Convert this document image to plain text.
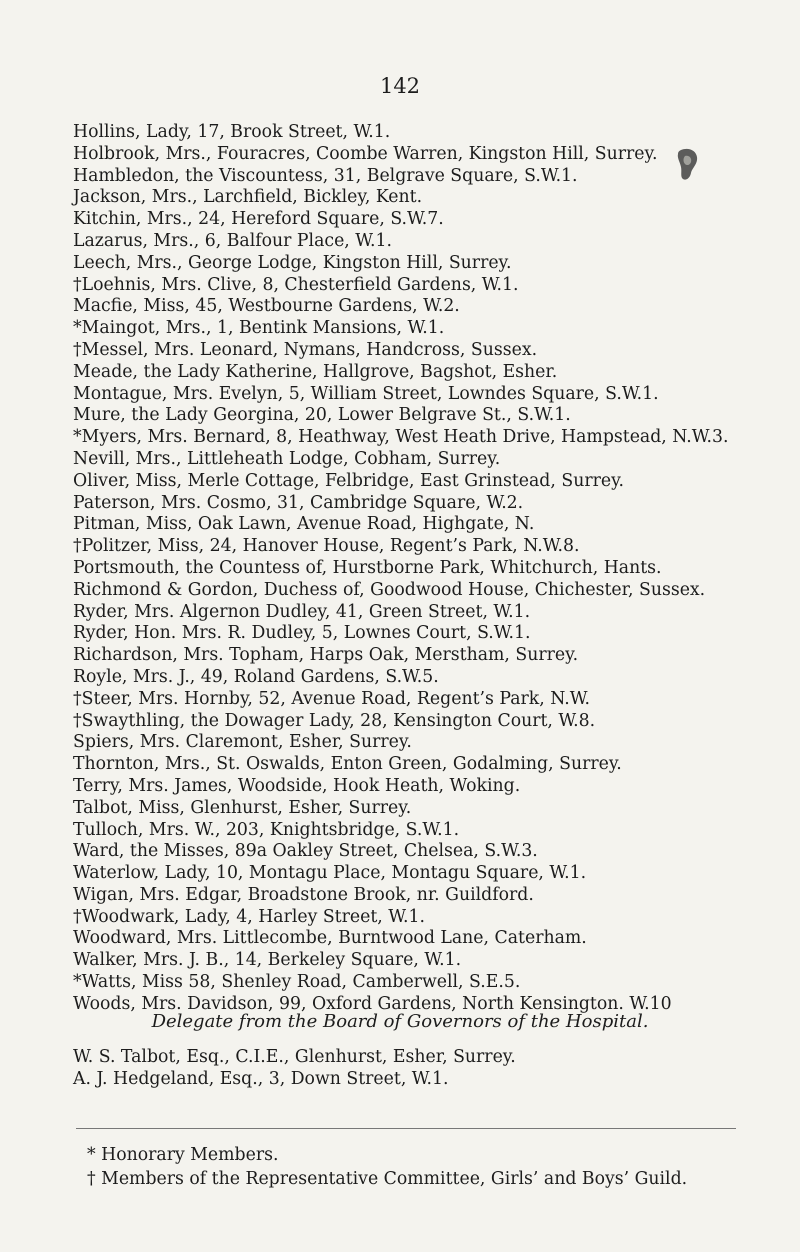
142
Hollins, Lady, 17, Brook Street, W.1.
Holbrook, Mrs., Fouracres, Coombe Warren, Kingston Hill, Surrey.
Hambledon, the Viscountess, 31, Belgrave Square, S.W.1.
Jackson, Mrs., Larchfield, Bickley, Kent.
Kitchin, Mrs., 24, Hereford Square, S.W.7.
Lazarus, Mrs., 6, Balfour Place, W.1.
Leech, Mrs., George Lodge, Kingston Hill, Surrey.
†Loehnis, Mrs. Clive, 8, Chesterfield Gardens, W.1.
Macfie, Miss, 45, Westbourne Gardens, W.2.
*Maingot, Mrs., 1, Bentink Mansions, W.1.
†Messel, Mrs. Leonard, Nymans, Handcross, Sussex.
Meade, the Lady Katherine, Hallgrove, Bagshot, Esher.
Montague, Mrs. Evelyn, 5, William Street, Lowndes Square, S.W.1.
Mure, the Lady Georgina, 20, Lower Belgrave St., S.W.1.
*Myers, Mrs. Bernard, 8, Heathway, West Heath Drive, Hampstead, N.W.3.
Nevill, Mrs., Littleheath Lodge, Cobham, Surrey.
Oliver, Miss, Merle Cottage, Felbridge, East Grinstead, Surrey.
Paterson, Mrs. Cosmo, 31, Cambridge Square, W.2.
Pitman, Miss, Oak Lawn, Avenue Road, Highgate, N.
†Politzer, Miss, 24, Hanover House, Regent’s Park, N.W.8.
Portsmouth, the Countess of, Hurstborne Park, Whitchurch, Hants.
Richmond & Gordon, Duchess of, Goodwood House, Chichester, Sussex.
Ryder, Mrs. Algernon Dudley, 41, Green Street, W.1.
Ryder, Hon. Mrs. R. Dudley, 5, Lownes Court, S.W.1.
Richardson, Mrs. Topham, Harps Oak, Merstham, Surrey.
Royle, Mrs. J., 49, Roland Gardens, S.W.5.
†Steer, Mrs. Hornby, 52, Avenue Road, Regent’s Park, N.W.
†Swaythling, the Dowager Lady, 28, Kensington Court, W.8.
Spiers, Mrs. Claremont, Esher, Surrey.
Thornton, Mrs., St. Oswalds, Enton Green, Godalming, Surrey.
Terry, Mrs. James, Woodside, Hook Heath, Woking.
Talbot, Miss, Glenhurst, Esher, Surrey.
Tulloch, Mrs. W., 203, Knightsbridge, S.W.1.
Ward, the Misses, 89a Oakley Street, Chelsea, S.W.3.
Waterlow, Lady, 10, Montagu Place, Montagu Square, W.1.
Wigan, Mrs. Edgar, Broadstone Brook, nr. Guildford.
†Woodwark, Lady, 4, Harley Street, W.1.
Woodward, Mrs. Littlecombe, Burntwood Lane, Caterham.
Walker, Mrs. J. B., 14, Berkeley Square, W.1.
*Watts, Miss 58, Shenley Road, Camberwell, S.E.5.
Woods, Mrs. Davidson, 99, Oxford Gardens, North Kensington. W.10
Delegate from the Board of Governors of the Hospital.
W. S. Talbot, Esq., C.I.E., Glenhurst, Esher, Surrey.
A. J. Hedgeland, Esq., 3, Down Street, W.1.
* Honorary Members.
† Members of the Representative Committee, Girls’ and Boys’ Guild.
